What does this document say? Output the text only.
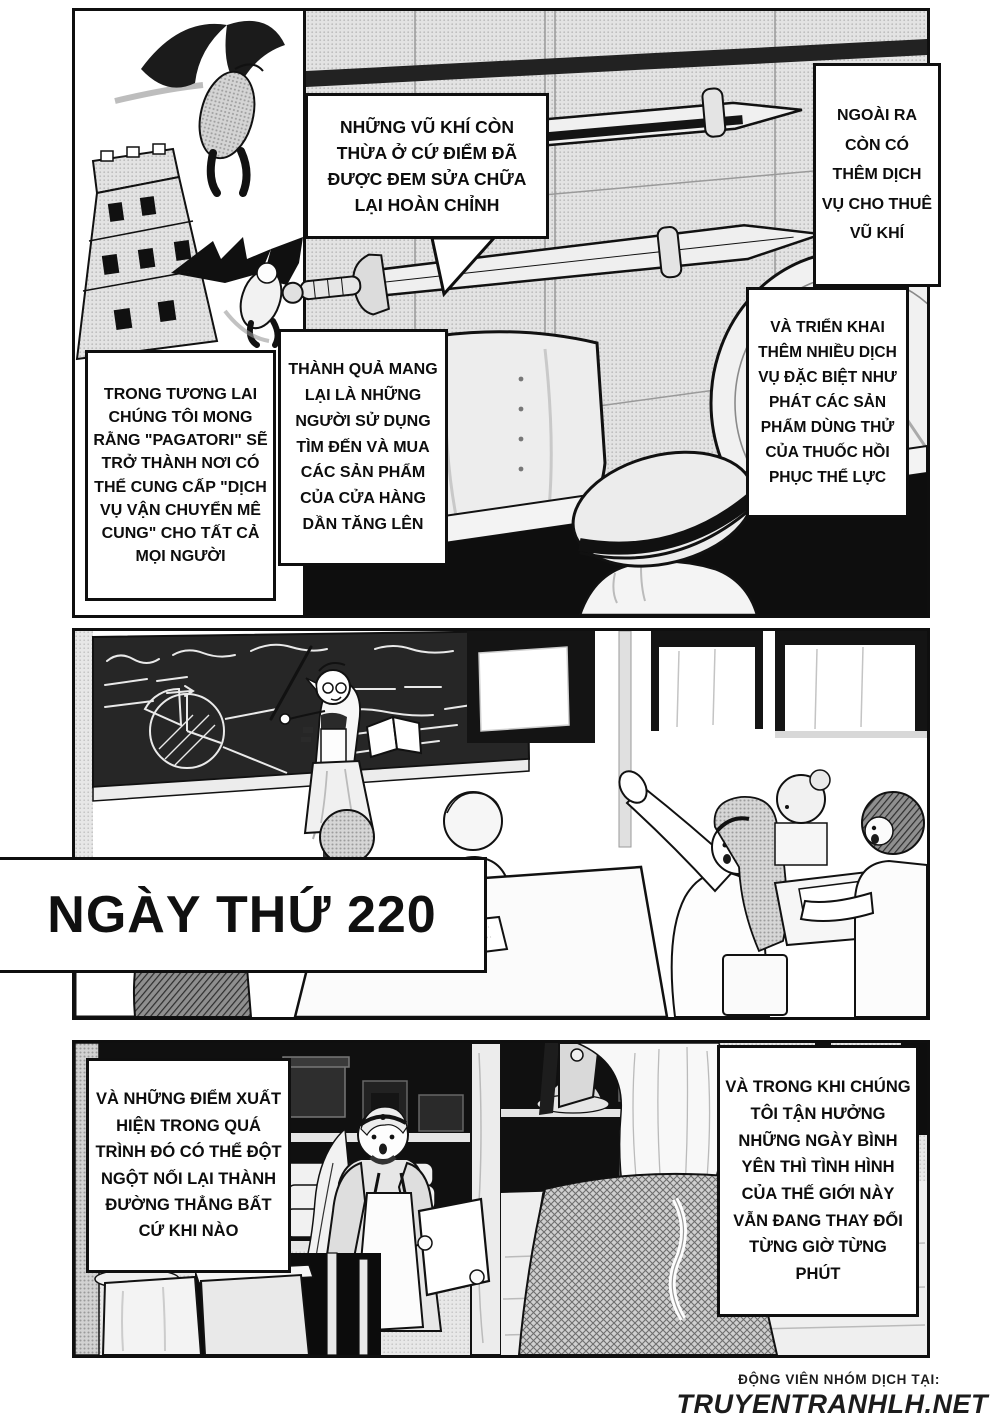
NHỮNG VŨ KHÍ CÒN THỪA Ở CỨ ĐIỂM ĐÃ ĐƯỢC ĐEM SỬA CHỮA LẠI HOÀN CHỈNH
NGOÀI RA CÒN CÓ THÊM DỊCH VỤ CHO THUÊ VŨ KHÍ
VÀ TRIỂN KHAI THÊM NHIỀU DỊCH VỤ ĐẶC BIỆT NHƯ PHÁT CÁC SẢN PHẨM DÙNG THỬ CỦA THUỐC HỒI PHỤC THỂ LỰC
TRONG TƯƠNG LAI CHÚNG TÔI MONG RẰNG "PAGATORI" SẼ TRỞ THÀNH NƠI CÓ THỂ CUNG CẤP "DỊCH VỤ VẬN CHUYỂN MÊ CUNG" CHO TẤT CẢ MỌI NGƯỜI
THÀNH QUẢ MANG LẠI LÀ NHỮNG NGƯỜI SỬ DỤNG TÌM ĐẾN VÀ MUA CÁC SẢN PHẨM CỦA CỬA HÀNG DẦN TĂNG LÊN
VÀ NHỮNG ĐIỂM XUẤT HIỆN TRONG QUÁ TRÌNH ĐÓ CÓ THỂ ĐỘT NGỘT NỐI LẠI THÀNH ĐƯỜNG THẲNG BẤT CỨ KHI NÀO
VÀ TRONG KHI CHÚNG TÔI TẬN HƯỞNG NHỮNG NGÀY BÌNH YÊN THÌ TÌNH HÌNH CỦA THẾ GIỚI NÀY VẪN ĐANG THAY ĐỔI TỪNG GIỜ TỪNG PHÚT
NGÀY THỨ 220
ĐỘNG VIÊN NHÓM DỊCH TẠI:
TRUYENTRANHLH.NET
